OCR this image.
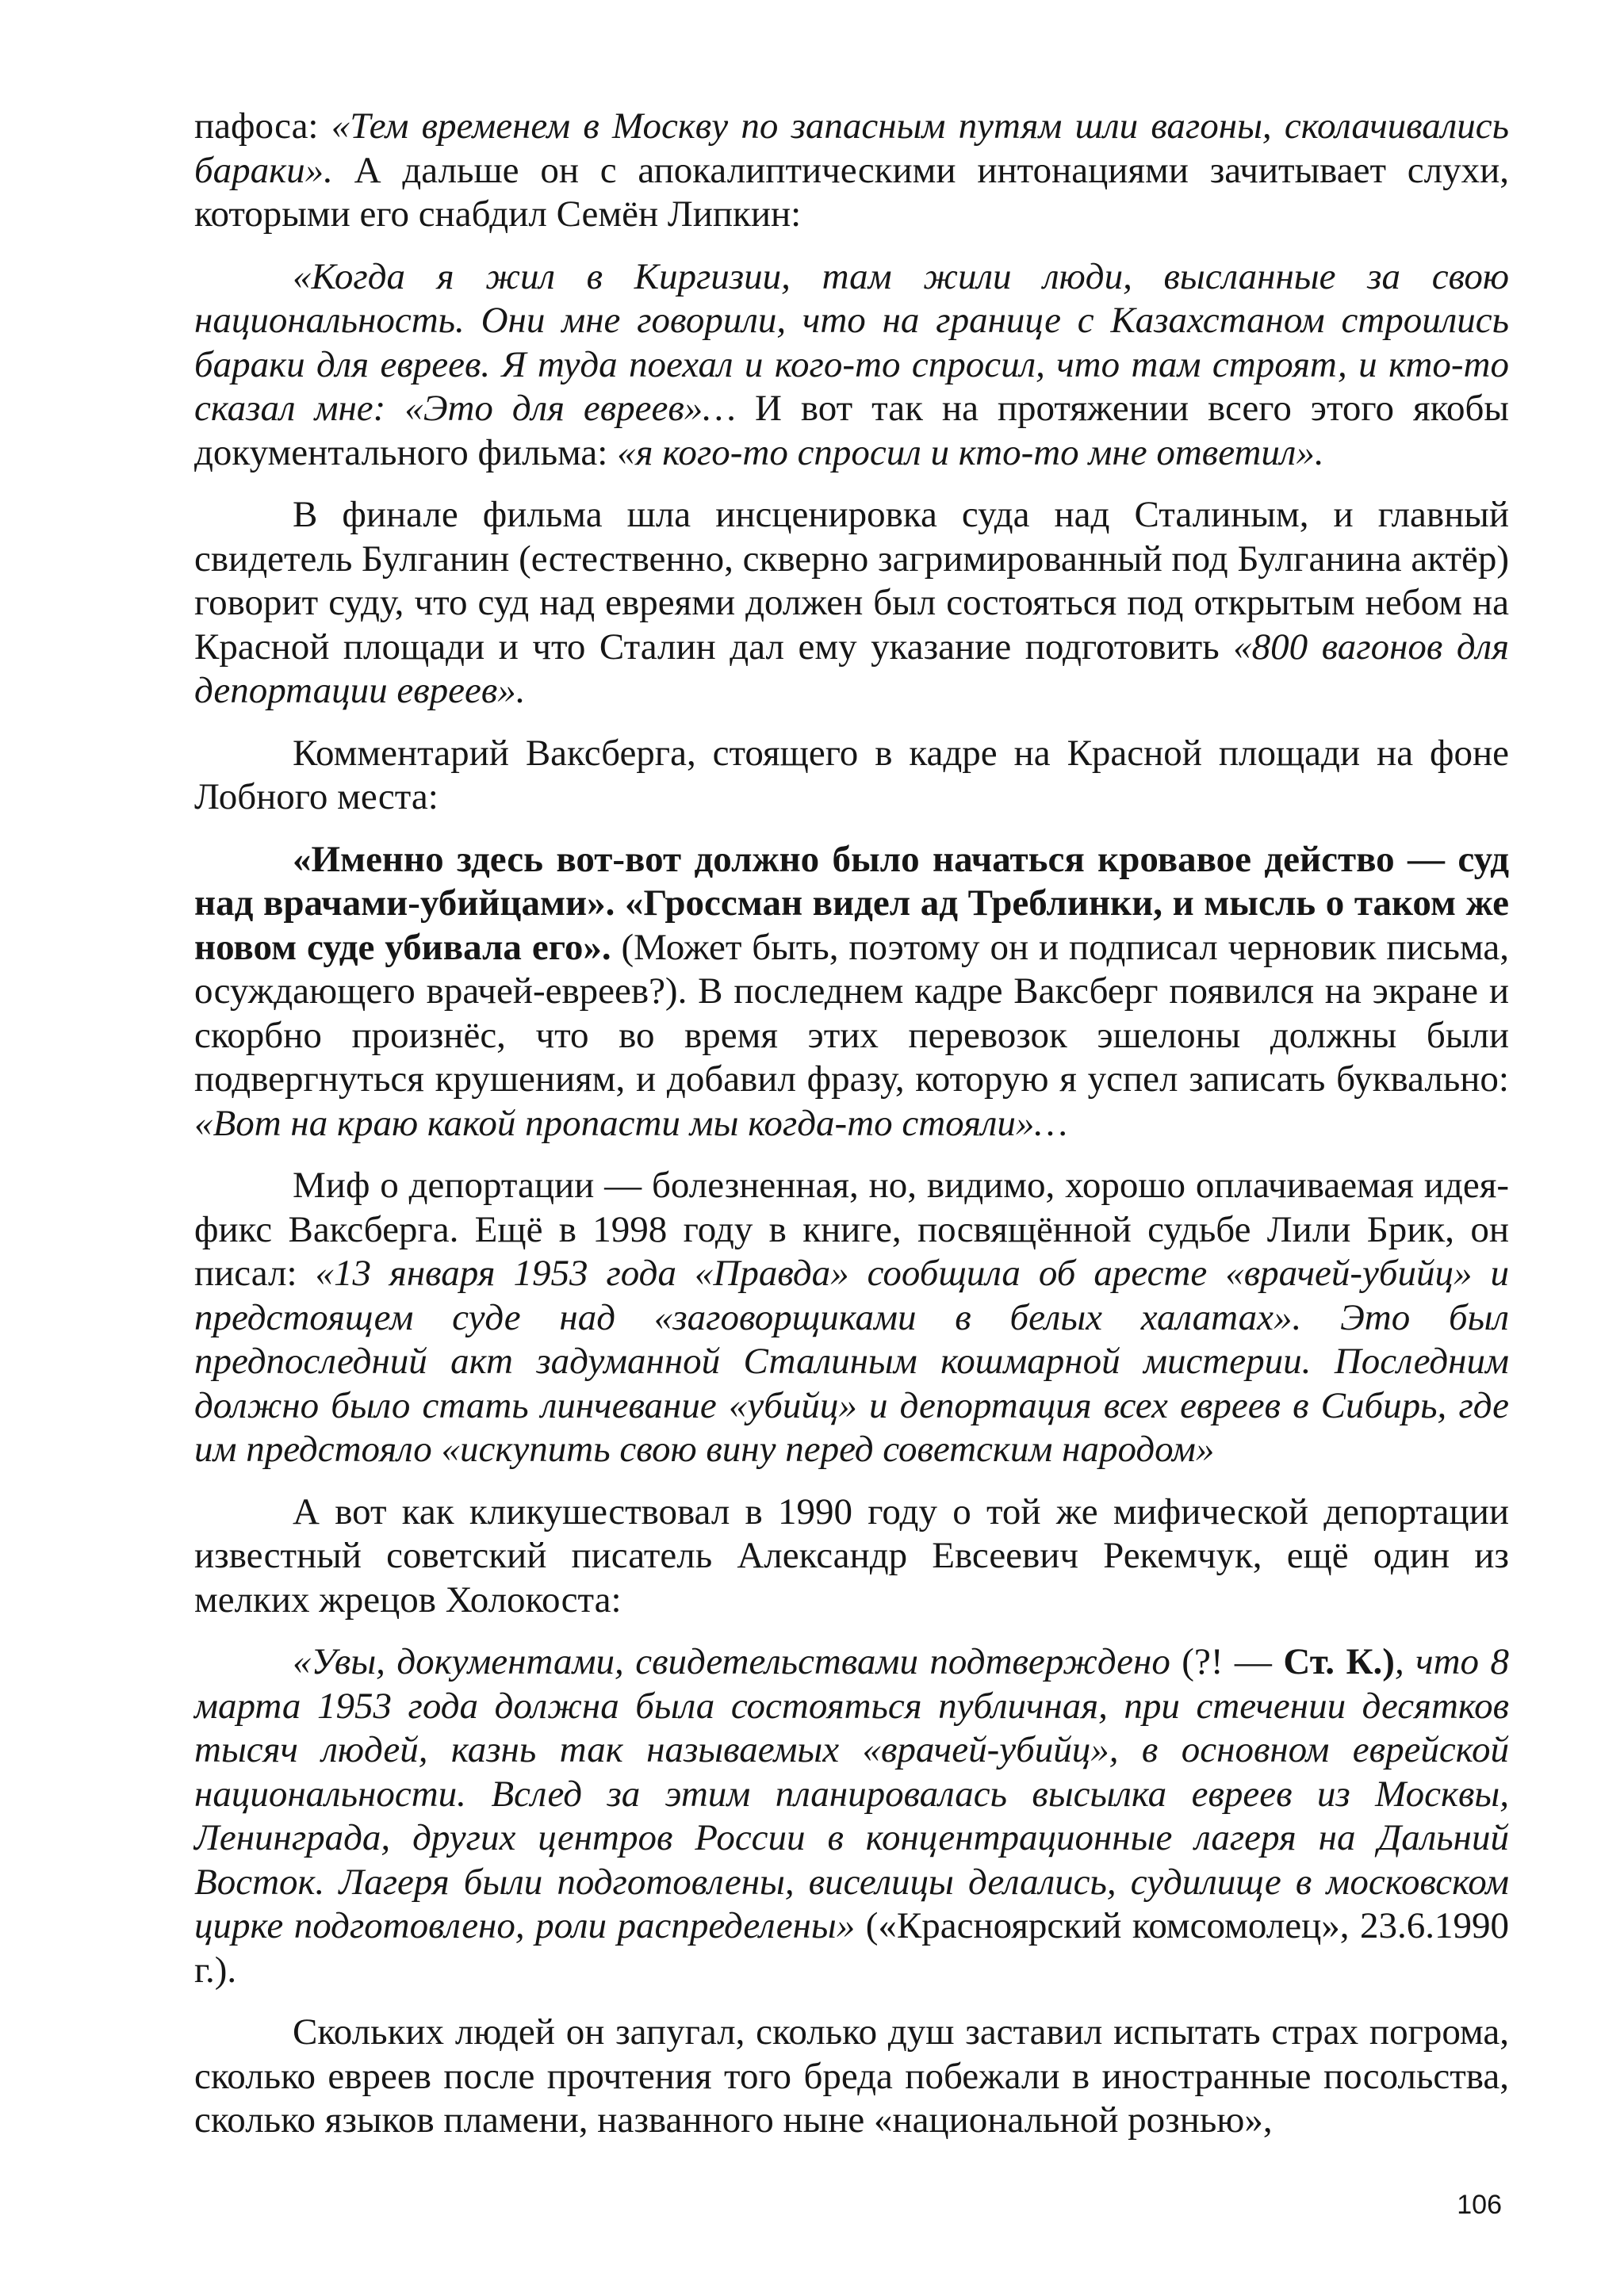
пафоса: «Тем временем в Москву по запасным путям шли вагоны, сколачивались бараки». А дальше он с апокалиптическими интонациями зачитывает слухи, которыми его снабдил Семён Липкин:

«Когда я жил в Киргизии, там жили люди, высланные за свою национальность. Они мне говорили, что на границе с Казахстаном строились бараки для евреев. Я туда поехал и кого-то спросил, что там строят, и кто-то сказал мне: «Это для евреев»… И вот так на протяжении всего этого якобы документального фильма: «я кого-то спросил и кто-то мне ответил».

В финале фильма шла инсценировка суда над Сталиным, и главный свидетель Булганин (естественно, скверно загримированный под Булганина актёр) говорит суду, что суд над евреями должен был состояться под открытым небом на Красной площади и что Сталин дал ему указание подготовить «800 вагонов для депортации евреев».

Комментарий Ваксберга, стоящего в кадре на Красной площади на фоне Лобного места:

«Именно здесь вот-вот должно было начаться кровавое действо — суд над врачами-убийцами». «Гроссман видел ад Треблинки, и мысль о таком же новом суде убивала его». (Может быть, поэтому он и подписал черновик письма, осуждающего врачей-евреев?). В последнем кадре Ваксберг появился на экране и скорбно произнёс, что во время этих перевозок эшелоны должны были подвергнуться крушениям, и добавил фразу, которую я успел записать буквально: «Вот на краю какой пропасти мы когда-то стояли»…

Миф о депортации — болезненная, но, видимо, хорошо оплачиваемая идея-фикс Ваксберга. Ещё в 1998 году в книге, посвящённой судьбе Лили Брик, он писал: «13 января 1953 года «Правда» сообщила об аресте «врачей-убийц» и предстоящем суде над «заговорщиками в белых халатах». Это был предпоследний акт задуманной Сталиным кошмарной мистерии. Последним должно было стать линчевание «убийц» и депортация всех евреев в Сибирь, где им предстояло «искупить свою вину перед советским народом»

А вот как кликушествовал в 1990 году о той же мифической депортации известный советский писатель Александр Евсеевич Рекемчук, ещё один из мелких жрецов Холокоста:

«Увы, документами, свидетельствами подтверждено (?! — Ст. К.), что 8 марта 1953 года должна была состояться публичная, при стечении десятков тысяч людей, казнь так называемых «врачей-убийц», в основном еврейской национальности. Вслед за этим планировалась высылка евреев из Москвы, Ленинграда, других центров России в концентрационные лагеря на Дальний Восток. Лагеря были подготовлены, виселицы делались, судилище в московском цирке подготовлено, роли распределены» («Красноярский комсомолец», 23.6.1990 г.).

Скольких людей он запугал, сколько душ заставил испытать страх погрома, сколько евреев после прочтения того бреда побежали в иностранные посольства, сколько языков пламени, названного ныне «национальной рознью»,

106
